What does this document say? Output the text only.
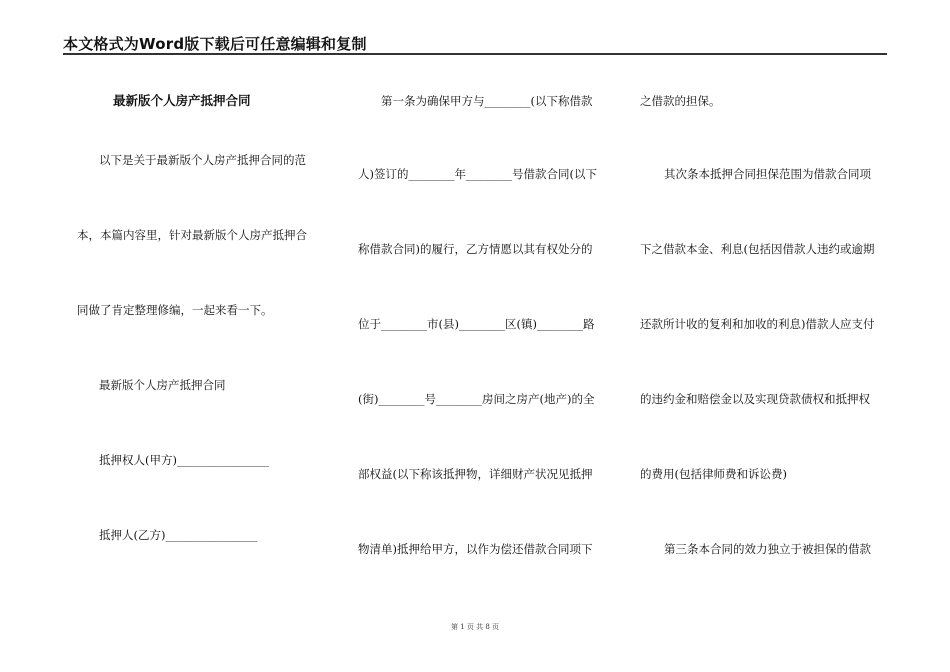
本文格式为Word版下载后可任意编辑和复制
最新版个人房产抵押合同
以下是关于最新版个人房产抵押合同的范
本，本篇内容里，针对最新版个人房产抵押合
同做了肯定整理修编，一起来看一下。
最新版个人房产抵押合同
抵押权人(甲方)________________
抵押人(乙方)________________
第一条为确保甲方与________(以下称借款
人)签订的________年________号借款合同(以下
称借款合同)的履行，乙方情愿以其有权处分的
位于________市(县)________区(镇)________路
(街)________号________房间之房产(地产)的全
部权益(以下称该抵押物，详细财产状况见抵押
物清单)抵押给甲方，以作为偿还借款合同项下
之借款的担保。
其次条本抵押合同担保范围为借款合同项
下之借款本金、利息(包括因借款人违约或逾期
还款所计收的复利和加收的利息)借款人应支付
的违约金和赔偿金以及实现贷款债权和抵押权
的费用(包括律师费和诉讼费)
第三条本合同的效力独立于被担保的借款
第 1 页 共 8 页
